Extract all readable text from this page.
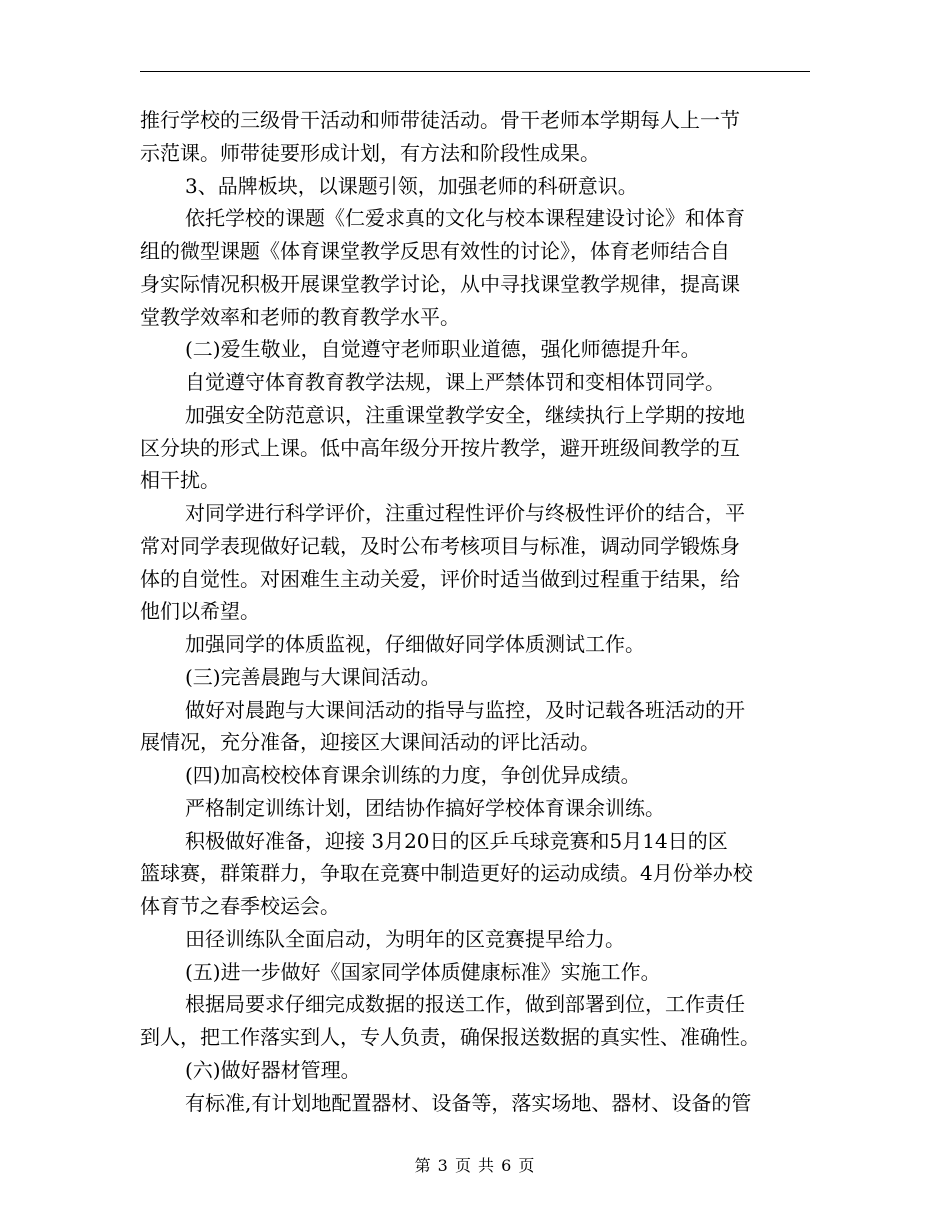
推行学校的三级骨干活动和师带徒活动。骨干老师本学期每人上一节
示范课。师带徒要形成计划，有方法和阶段性成果。
3、品牌板块，以课题引领，加强老师的科研意识。
依托学校的课题《仁爱求真的文化与校本课程建设讨论》和体育
组的微型课题《体育课堂教学反思有效性的讨论》，体育老师结合自
身实际情况积极开展课堂教学讨论，从中寻找课堂教学规律，提高课
堂教学效率和老师的教育教学水平。
(二)爱生敬业，自觉遵守老师职业道德，强化师德提升年。
自觉遵守体育教育教学法规，课上严禁体罚和变相体罚同学。
加强安全防范意识，注重课堂教学安全，继续执行上学期的按地
区分块的形式上课。低中高年级分开按片教学，避开班级间教学的互
相干扰。
对同学进行科学评价，注重过程性评价与终极性评价的结合，平
常对同学表现做好记载，及时公布考核项目与标准，调动同学锻炼身
体的自觉性。对困难生主动关爱，评价时适当做到过程重于结果，给
他们以希望。
加强同学的体质监视，仔细做好同学体质测试工作。
(三)完善晨跑与大课间活动。
做好对晨跑与大课间活动的指导与监控，及时记载各班活动的开
展情况，充分准备，迎接区大课间活动的评比活动。
(四)加高校校体育课余训练的力度，争创优异成绩。
严格制定训练计划，团结协作搞好学校体育课余训练。
积极做好准备，迎接 3月20日的区乒乓球竞赛和5月14日的区
篮球赛，群策群力，争取在竞赛中制造更好的运动成绩。4月份举办校
体育节之春季校运会。
田径训练队全面启动，为明年的区竞赛提早给力。
(五)进一步做好《国家同学体质健康标准》实施工作。
根据局要求仔细完成数据的报送工作，做到部署到位，工作责任
到人，把工作落实到人，专人负责，确保报送数据的真实性、准确性。
(六)做好器材管理。
有标准,有计划地配置器材、设备等，落实场地、器材、设备的管
第 3 页 共 6 页
